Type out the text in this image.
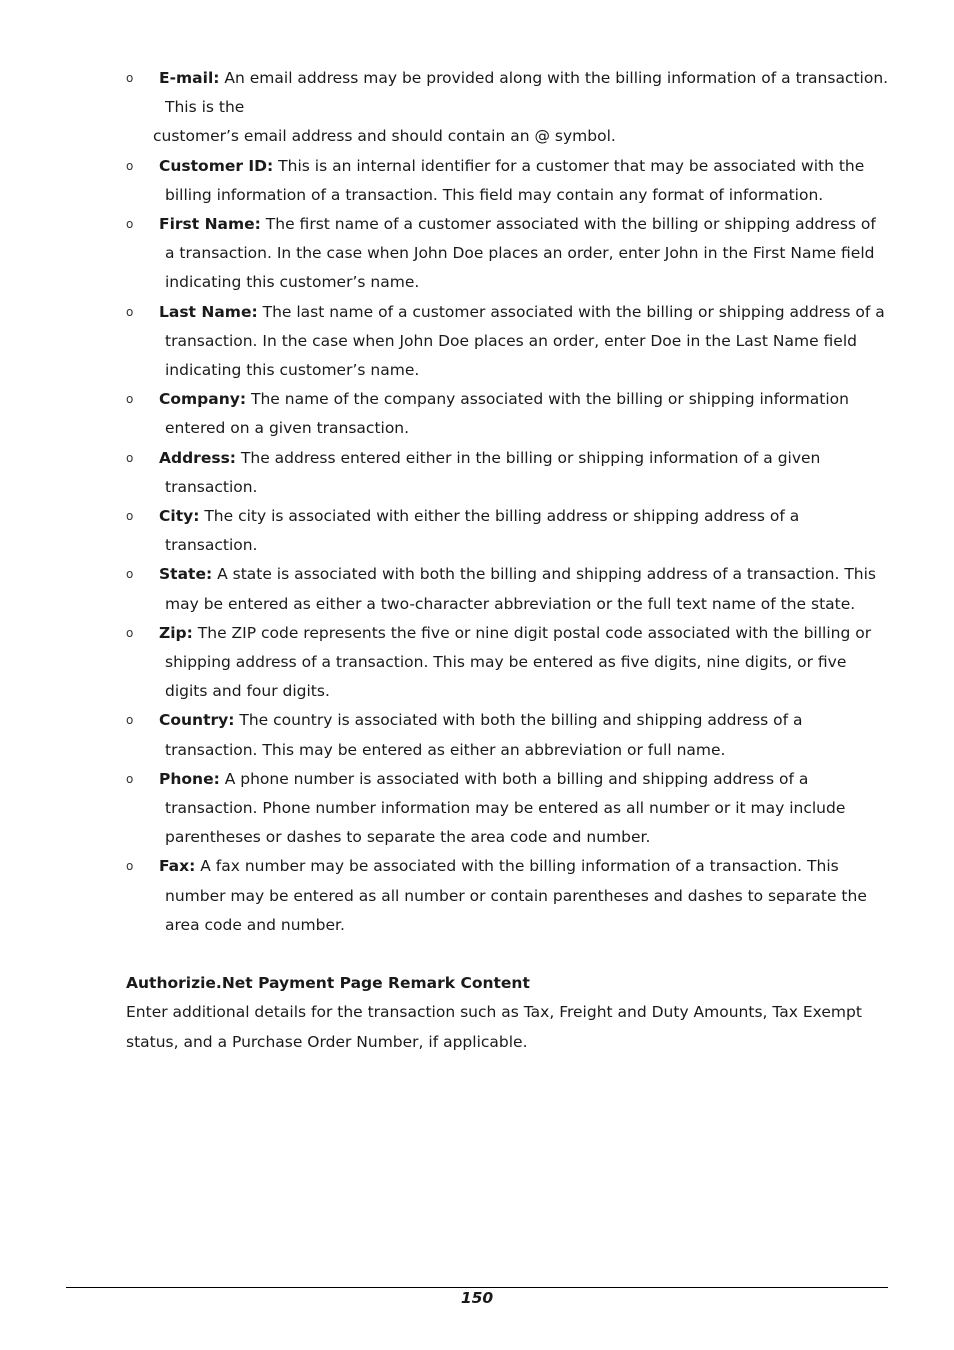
o E-mail: An email address may be provided along with the billing information of a transaction. This is the
customer’s email address and should contain an @ symbol.
o Customer ID: This is an internal identifier for a customer that may be associated with the billing information of a transaction. This field may contain any format of information.
o First Name: The first name of a customer associated with the billing or shipping address of a transaction. In the case when John Doe places an order, enter John in the First Name field indicating this customer’s name.
o Last Name: The last name of a customer associated with the billing or shipping address of a transaction. In the case when John Doe places an order, enter Doe in the Last Name field indicating this customer’s name.
o Company: The name of the company associated with the billing or shipping information entered on a given transaction.
o Address: The address entered either in the billing or shipping information of a given transaction.
o City: The city is associated with either the billing address or shipping address of a transaction.
o State: A state is associated with both the billing and shipping address of a transaction. This may be entered as either a two-character abbreviation or the full text name of the state.
o Zip: The ZIP code represents the five or nine digit postal code associated with the billing or shipping address of a transaction. This may be entered as five digits, nine digits, or five digits and four digits.
o Country: The country is associated with both the billing and shipping address of a transaction. This may be entered as either an abbreviation or full name.
o Phone: A phone number is associated with both a billing and shipping address of a transaction. Phone number information may be entered as all number or it may include parentheses or dashes to separate the area code and number.
o Fax: A fax number may be associated with the billing information of a transaction. This number may be entered as all number or contain parentheses and dashes to separate the area code and number.

Authorizie.Net Payment Page Remark Content

Enter additional details for the transaction such as Tax, Freight and Duty Amounts, Tax Exempt status, and a Purchase Order Number, if applicable.

150
